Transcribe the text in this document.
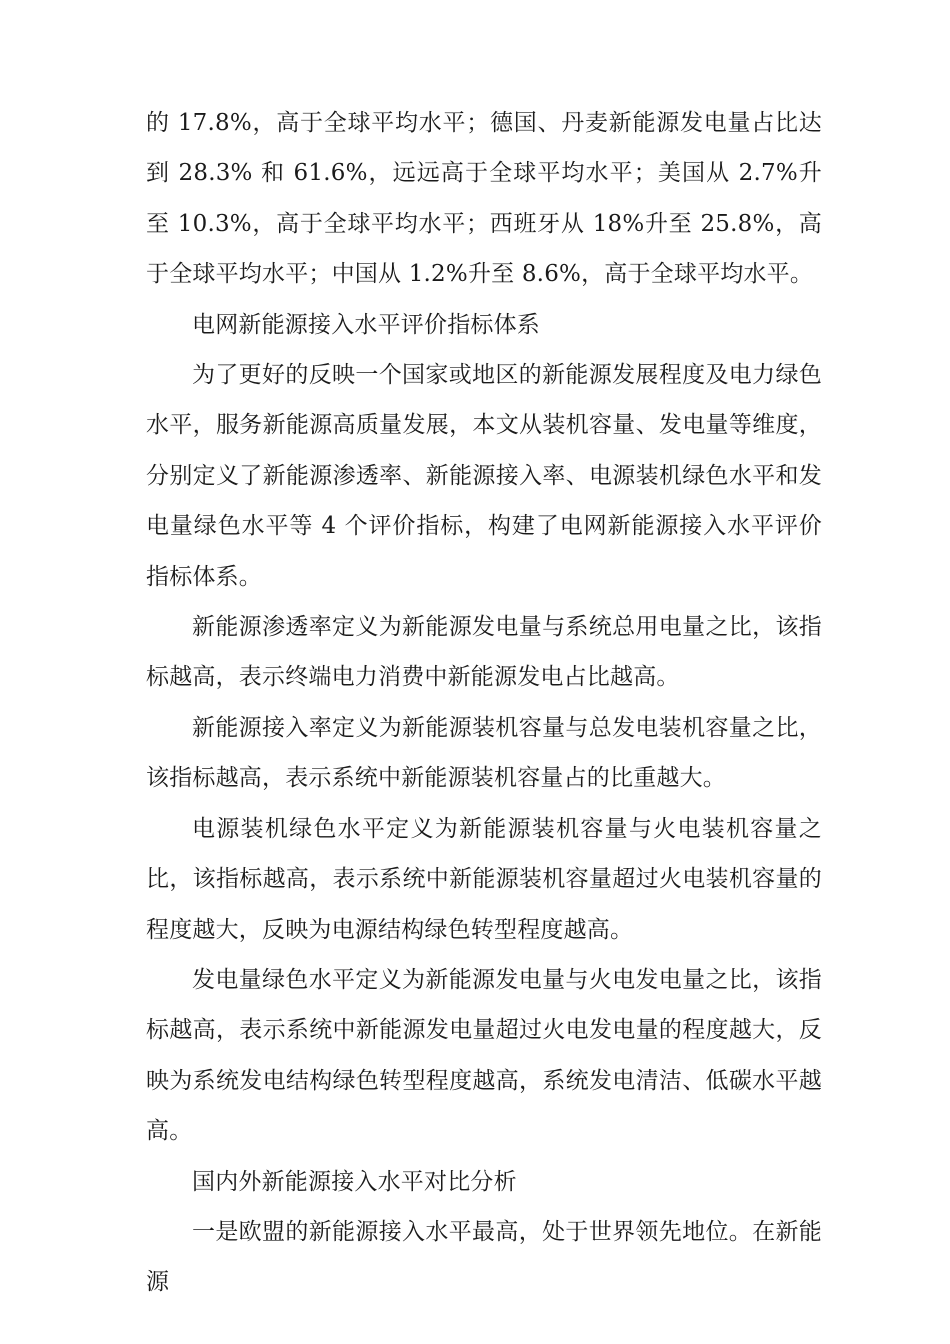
的 17.8%，高于全球平均水平；德国、丹麦新能源发电量占比达到 28.3% 和 61.6%，远远高于全球平均水平；美国从 2.7%升至 10.3%，高于全球平均水平；西班牙从 18%升至 25.8%，高于全球平均水平；中国从 1.2%升至 8.6%，高于全球平均水平。

电网新能源接入水平评价指标体系

为了更好的反映一个国家或地区的新能源发展程度及电力绿色水平，服务新能源高质量发展，本文从装机容量、发电量等维度，分别定义了新能源渗透率、新能源接入率、电源装机绿色水平和发电量绿色水平等 4 个评价指标，构建了电网新能源接入水平评价指标体系。

新能源渗透率定义为新能源发电量与系统总用电量之比，该指标越高，表示终端电力消费中新能源发电占比越高。

新能源接入率定义为新能源装机容量与总发电装机容量之比，该指标越高，表示系统中新能源装机容量占的比重越大。

电源装机绿色水平定义为新能源装机容量与火电装机容量之比，该指标越高，表示系统中新能源装机容量超过火电装机容量的程度越大，反映为电源结构绿色转型程度越高。

发电量绿色水平定义为新能源发电量与火电发电量之比，该指标越高，表示系统中新能源发电量超过火电发电量的程度越大，反映为系统发电结构绿色转型程度越高，系统发电清洁、低碳水平越高。

国内外新能源接入水平对比分析

一是欧盟的新能源接入水平最高，处于世界领先地位。在新能源
